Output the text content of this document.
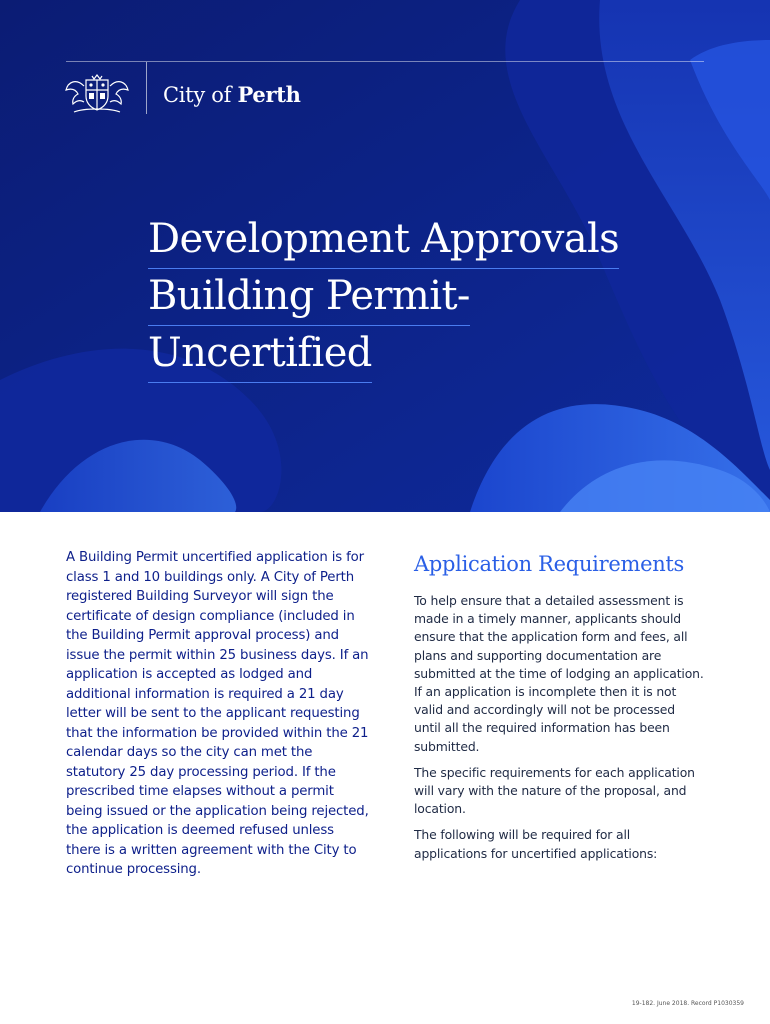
City of Perth
Development Approvals
Building Permit-
Uncertified

A Building Permit uncertified application is for class 1 and 10 buildings only. A City of Perth registered Building Surveyor will sign the certificate of design compliance (included in the Building Permit approval process) and issue the permit within 25 business days. If an application is accepted as lodged and additional information is required a 21 day letter will be sent to the applicant requesting that the information be provided within the 21 calendar days so the city can met the statutory 25 day processing period. If the prescribed time elapses without a permit being issued or the application being rejected, the application is deemed refused unless there is a written agreement with the City to continue processing.

Application Requirements

To help ensure that a detailed assessment is made in a timely manner, applicants should ensure that the application form and fees, all plans and supporting documentation are submitted at the time of lodging an application. If an application is incomplete then it is not valid and accordingly will not be processed until all the required information has been submitted.

The specific requirements for each application will vary with the nature of the proposal, and location.

The following will be required for all applications for uncertified applications:

19-182. June 2018. Record P1030359
